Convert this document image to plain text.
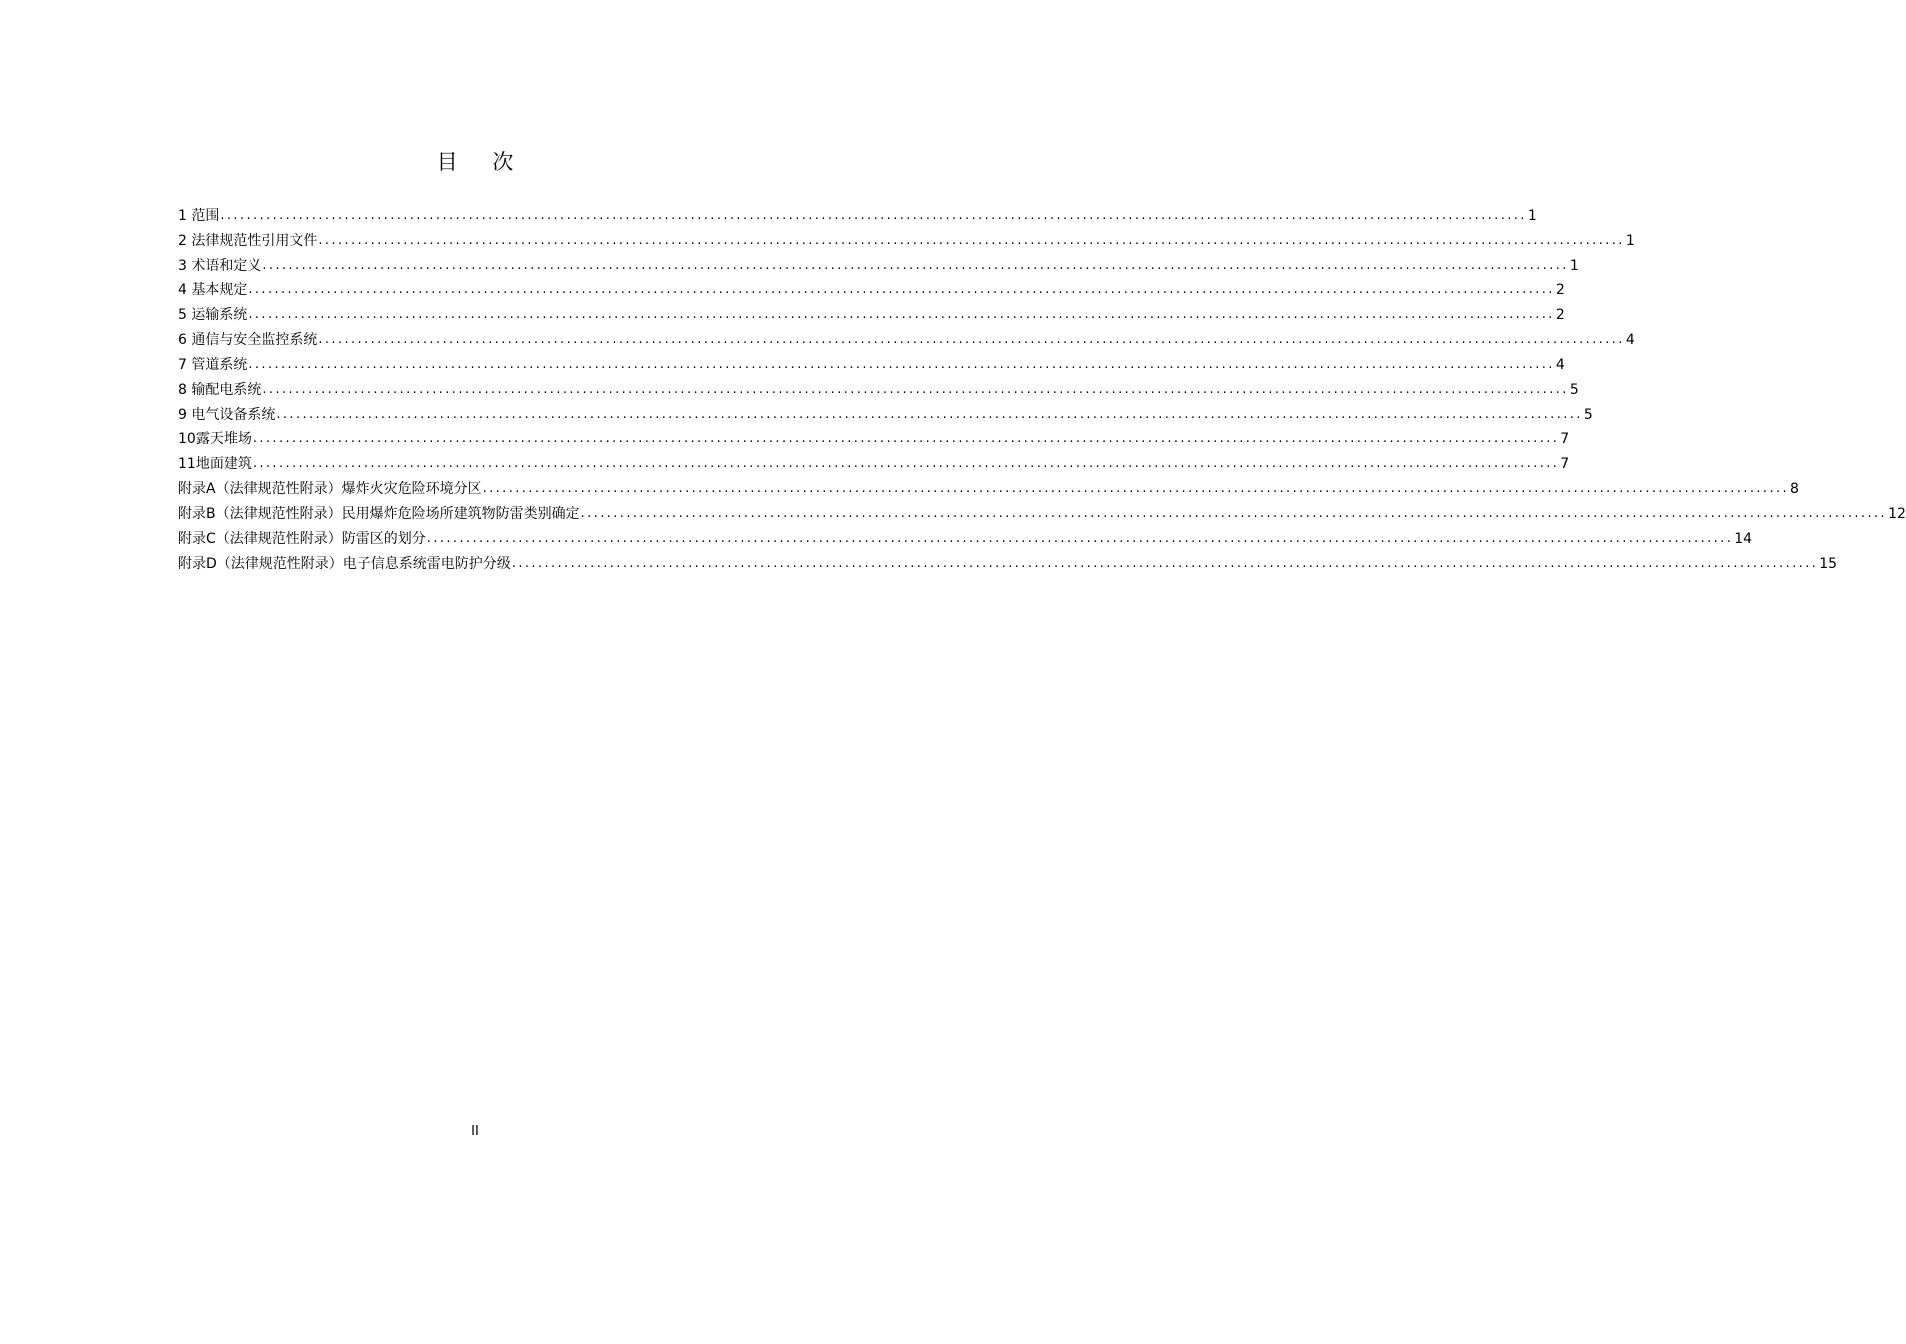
目 次
1 范围 ........................................................................................................................................................................................................ 1
2 法律规范性引用文件 ........................................................................................................................................................................................................ 1
3 术语和定义 ........................................................................................................................................................................................................ 1
4 基本规定 ........................................................................................................................................................................................................ 2
5 运输系统 ........................................................................................................................................................................................................ 2
6 通信与安全监控系统 ........................................................................................................................................................................................................ 4
7 管道系统 ........................................................................................................................................................................................................ 4
8 输配电系统 ........................................................................................................................................................................................................ 5
9 电气设备系统 ........................................................................................................................................................................................................ 5
10露天堆场 ........................................................................................................................................................................................................ 7
11地面建筑 ........................................................................................................................................................................................................ 7
附录A（法律规范性附录）爆炸火灾危险环境分区 ........................................................................................................................................................................................................ 8
附录B（法律规范性附录）民用爆炸危险场所建筑物防雷类别确定 ........................................................................................................................................................................................................ 12
附录C（法律规范性附录）防雷区的划分 ........................................................................................................................................................................................................ 14
附录D（法律规范性附录）电子信息系统雷电防护分级 ........................................................................................................................................................................................................ 15
II
